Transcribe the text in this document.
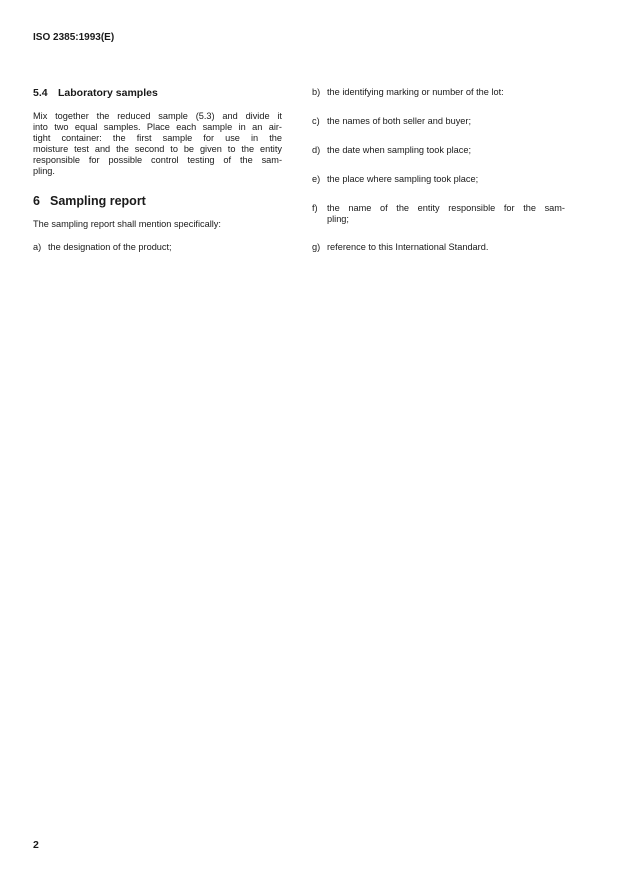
ISO 2385:1993(E)
5.4 Laboratory samples
Mix together the reduced sample (5.3) and divide it
into two equal samples. Place each sample in an air-
tight container: the first sample for use in the
moisture test and the second to be given to the entity
responsible for possible control testing of the sam-
pling.
6 Sampling report
The sampling report shall mention specifically:
a) the designation of the product;
b) the identifying marking or number of the lot:
c) the names of both seller and buyer;
d) the date when sampling took place;
e) the place where sampling took place;
f) the name of the entity responsible for the sam-
pling;
g) reference to this International Standard.
2
